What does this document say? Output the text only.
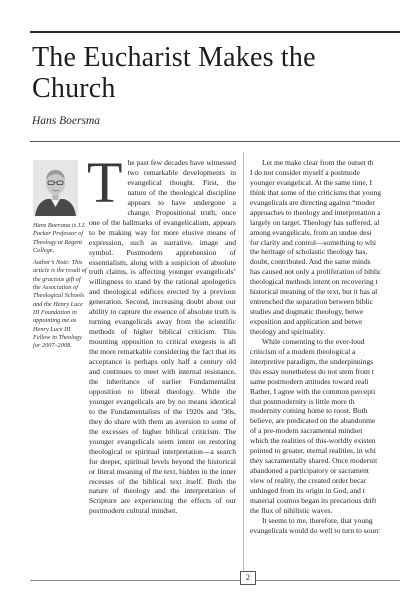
The Eucharist Makes the Church

Hans Boersma

Hans Boersma is J.I. Packer Professor of Theology at Regent College.

Author’s Note: This article is the result of the gracious gift of the Association of Theological Schools and the Henry Luce III Foundation in appointing me as Henry Luce III Fellow in Theology for 2007–2008.

The past few decades have witnessed two remarkable developments in evangelical thought. First, the nature of the theological discipline appears to have undergone a change. Propositional truth, once one of the hallmarks of evangelicalism, appears to be making way for more elusive means of expression, such as narrative, image and symbol. Postmodern apprehension of essentialism, along with a suspicion of absolute truth claims, is affecting younger evangelicals’ willingness to stand by the rational apologetics and theological edifices erected by a previous generation. Second, increasing doubt about our ability to capture the essence of absolute truth is turning evangelicals away from the scientific methods of higher biblical criticism. This mounting opposition to critical exegesis is all the more remarkable considering the fact that its acceptance is perhaps only half a century old and continues to meet with internal resistance, the inheritance of earlier Fundamentalist opposition to liberal theology. While the younger evangelicals are by no means identical to the Fundamentalists of the 1920s and ’30s, they do share with them an aversion to some of the excesses of higher biblical criticism. The younger evangelicals seem intent on restoring theological or spiritual interpretation—a search for deeper, spiritual levels beyond the historical or literal meaning of the text, hidden in the inner recesses of the biblical text itself. Both the nature of theology and the interpretation of Scripture are experiencing the effects of our postmodern cultural mindset.

Let me make clear from the outset th
I do not consider myself a postmode
younger evangelical. At the same time, I
think that some of the criticisms that young
evangelicals are directing against “moder
approaches to theology and interpretation a
largely on target. Theology has suffered, al
among evangelicals, from an undue desi
for clarity and control—something to whi
the heritage of scholastic theology has,
doubt, contributed. And the same minds
has caused not only a proliferation of biblic
theological methods intent on recovering t
historical meaning of the text, but it has al
entrenched the separation between biblic
studies and dogmatic theology, betwe
exposition and application and betwe
theology and spirituality.
While consenting to the ever-loud
criticism of a modern theological a
interpretive paradigm, the underpinnings
this essay nonetheless do not stem from t
same postmodern attitudes toward reali
Rather, I agree with the common percepti
that postmodernity is little more th
modernity coming home to roost. Both
believe, are predicated on the abandonme
of a pre-modern sacramental mindset
which the realities of this-worldly existen
pointed to greater, eternal realities, in whi
they sacramentally shared. Once modernit
abandoned a participatory or sacrament
view of reality, the created order becar
unhinged from its origin in God, and t
material cosmos began its precarious drift
the flux of nihilistic waves.
It seems to me, therefore, that young
evangelicals would do well to turn to sourc
2
